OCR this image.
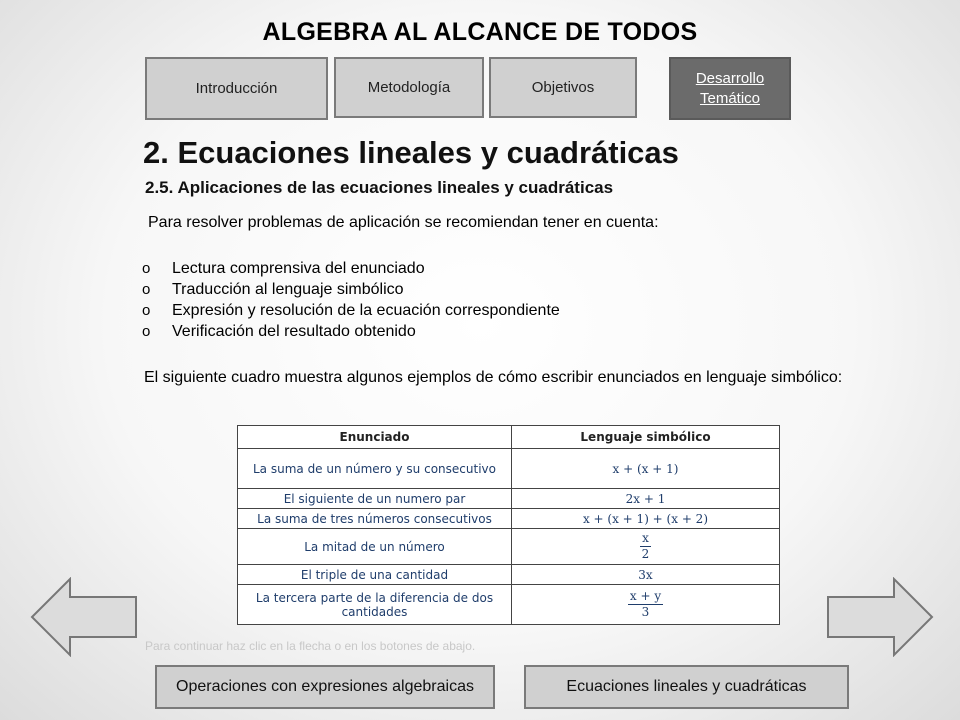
ALGEBRA AL ALCANCE DE TODOS
Introducción	Metodología	Objetivos
Desarrollo
Temático
2. Ecuaciones lineales y cuadráticas
2.5. Aplicaciones de las ecuaciones lineales y cuadráticas
Para resolver problemas de aplicación se recomiendan tener en cuenta:
o	Lectura comprensiva del enunciado
o	Traducción al lenguaje simbólico
o	Expresión y resolución de la ecuación correspondiente
o	Verificación del resultado obtenido
El siguiente cuadro muestra algunos ejemplos de cómo escribir enunciados en lenguaje simbólico:
Enunciado	Lenguaje simbólico
La suma de un número y su consecutivo	x + (x + 1)
El siguiente de un numero par	2x + 1
La suma de tres números consecutivos	x + (x + 1) + (x + 2)
La mitad de un número	$\frac{x}{2}$

El triple de una cantidad	3x
La tercera parte de la diferencia de dos cantidades	$\frac{x + y}{3}$
Para continuar haz clic en la flecha o en los botones de abajo.
Operaciones con expresiones algebraicas	Ecuaciones lineales y cuadráticas
